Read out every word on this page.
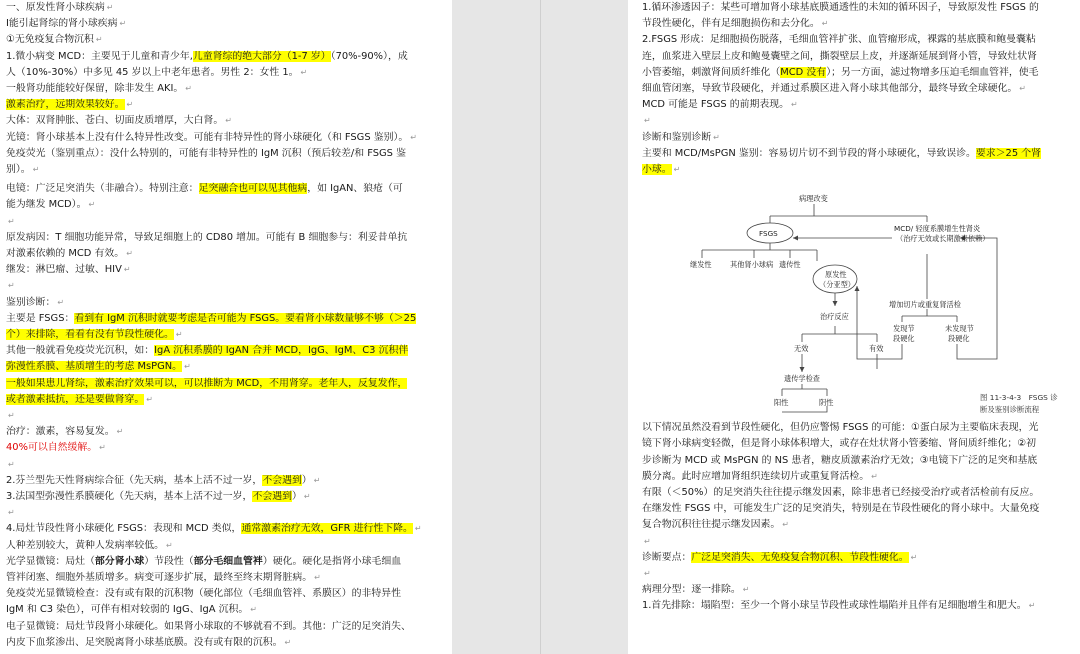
一、原发性肾小球疾病 ↵
Ⅰ能引起肾综的肾小球疾病 ↵
①无免疫复合物沉积 ↵
1.微小病变 MCD：主要见于儿童和青少年,儿童肾综的绝大部分（1-7 岁）（70%-90%），成
人（10%-30%）中多见 45 岁以上中老年患者。男性 2：女性 1。 ↵
一般肾功能能较好保留，除非发生 AKI。 ↵
激素治疗，远期效果较好。 ↵
大体：双肾肿胀、苍白、切面皮质增厚，大白肾。 ↵
光镜：肾小球基本上没有什么特异性改变。可能有非特异性的肾小球硬化（和 FSGS 鉴别）。 ↵
免疫荧光（鉴别重点）：没什么特别的，可能有非特异性的 IgM 沉积（预后较差/和 FSGS 鉴
别）。 ↵
电镜：广泛足突消失（非融合）。特别注意：足突融合也可以见其他病，如 IgAN、狼疮（可
能为继发 MCD）。 ↵
↵
原发病因：T 细胞功能异常，导致足细胞上的 CD80 增加。可能有 B 细胞参与：利妥昔单抗
对激素依赖的 MCD 有效。 ↵
继发：淋巴瘤、过敏、HIV ↵
↵
鉴别诊断： ↵
主要是 FSGS：看到有 IgM 沉积时就要考虑是否可能为 FSGS。要看肾小球数量够不够（＞25
个）来排除，看看有没有节段性硬化。 ↵
其他一般就看免疫荧光沉积，如：IgA 沉积系膜的 IgAN 合并 MCD，IgG、IgM、C3 沉积伴
弥漫性系膜、基质增生的考虑 MsPGN。 ↵
一般如果患儿肾综，激素治疗效果可以，可以推断为 MCD，不用肾穿。老年人，反复发作，
或者激素抵抗，还是要做肾穿。 ↵
↵
治疗：激素，容易复发。 ↵
40%可以自然缓解。 ↵
↵
2.芬兰型先天性肾病综合征（先天病，基本上活不过一岁，不会遇到） ↵
3.法国型弥漫性系膜硬化（先天病，基本上活不过一岁，不会遇到） ↵
↵
4.局灶节段性肾小球硬化 FSGS：表现和 MCD 类似，通常激素治疗无效，GFR 进行性下降。 ↵
人种差别较大，黄种人发病率较低。 ↵
光学显微镜：局灶（部分肾小球）节段性（部分毛细血管袢）硬化。硬化是指肾小球毛细血
管袢闭塞、细胞外基质增多。病变可逐步扩展，最终至终末期肾脏病。 ↵
免疫荧光显微镜检查：没有或有限的沉积物（硬化部位（毛细血管袢、系膜区）的非特异性
IgM 和 C3 染色），可伴有相对较弱的 IgG、IgA 沉积。 ↵
电子显微镜：局灶节段肾小球硬化。如果肾小球取的不够就看不到。其他：广泛的足突消失、
内皮下血浆渗出、足突脱离肾小球基底膜。没有或有限的沉积。 ↵
1.循环渗透因子：某些可增加肾小球基底膜通透性的未知的循环因子，导致原发性 FSGS 的
节段性硬化，伴有足细胞损伤和去分化。 ↵
2.FSGS 形成：足细胞损伤脱落，毛细血管袢扩张、血管瘤形成，裸露的基底膜和鲍曼囊粘
连，血浆进入壁层上皮和鲍曼囊壁之间，撕裂壁层上皮，并逐渐延展到肾小管，导致灶状肾
小管萎缩，刺激肾间质纤维化（MCD 没有）；另一方面，滤过物增多压迫毛细血管袢，使毛
细血管闭塞，导致节段硬化，并通过系膜区进入肾小球其他部分，最终导致全球硬化。 ↵
MCD 可能是 FSGS 的前期表现。 ↵
↵
诊断和鉴别诊断 ↵
主要和 MCD/MsPGN 鉴别：容易切片切不到节段的肾小球硬化，导致误诊。要求＞25 个肾
小球。 ↵
病理改变
FSGS
MCD/ 轻度系膜增生性肾炎
（治疗无效或长期激素依赖）
继发性	其他肾小球病 遗传性
原发性
（分亚型）
增加切片或重复肾活检
治疗反应
发现节
段硬化
未发现节
段硬化
无效	有效
遗传学检查
阳性	阴性
图 11-3-4-3　FSGS 诊
断及鉴别诊断流程
以下情况虽然没看到节段性硬化，但仍应警惕 FSGS 的可能：①蛋白尿为主要临床表现，光
镜下肾小球病变轻微，但是肾小球体积增大，或存在灶状肾小管萎缩、肾间质纤维化；②初
步诊断为 MCD 或 MsPGN 的 NS 患者，糖皮质激素治疗无效；③电镜下广泛的足突和基底
膜分离。此时应增加肾组织连续切片或重复肾活检。 ↵
有限（＜50%）的足突消失往往提示继发因素，除非患者已经接受治疗或者活检前有反应。
在继发性 FSGS 中，可能发生广泛的足突消失，特别是在节段性硬化的肾小球中。大量免疫
复合物沉积往往提示继发因素。 ↵
↵
诊断要点：广泛足突消失、无免疫复合物沉积、节段性硬化。 ↵
↵
病理分型：逐一排除。 ↵
1.首先排除：塌陷型：至少一个肾小球呈节段性或球性塌陷并且伴有足细胞增生和肥大。 ↵
